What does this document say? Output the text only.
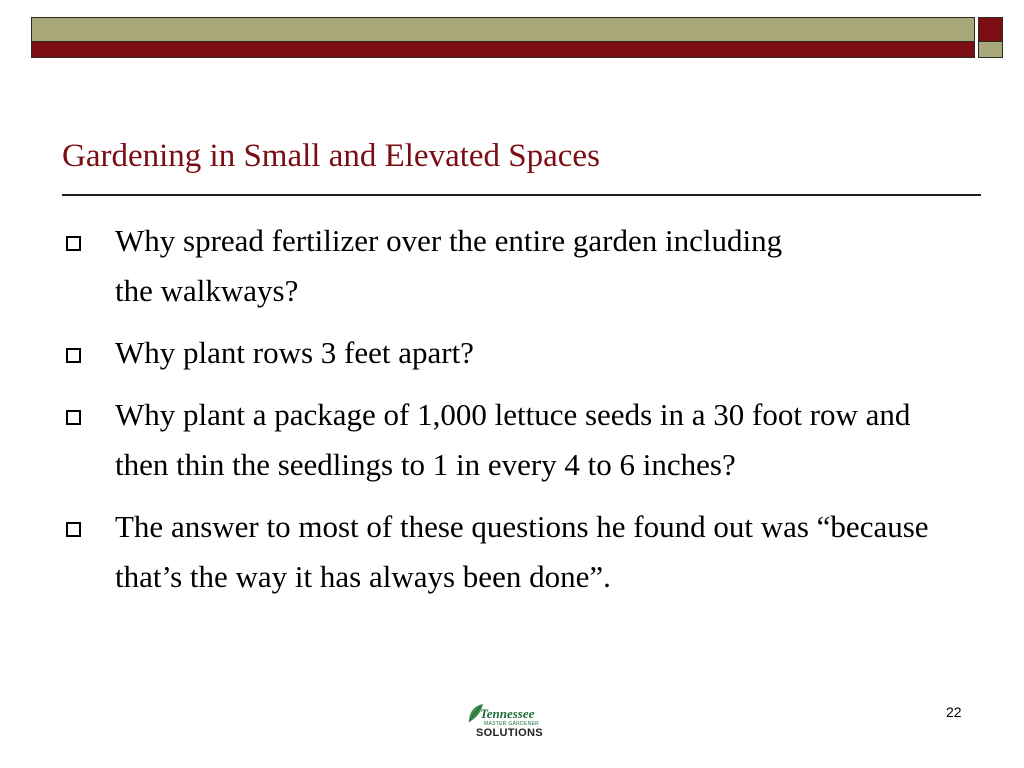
Gardening in Small and Elevated Spaces
Why spread fertilizer over the entire garden including the walkways?
Why plant rows 3 feet apart?
Why plant a package of 1,000 lettuce seeds in a 30 foot row and then thin the seedlings to 1 in every 4 to 6 inches?
The answer to most of these questions he found out was “because that’s the way it has always been done”.
Tennessee
MASTER GARDENER
SOLUTIONS
22
